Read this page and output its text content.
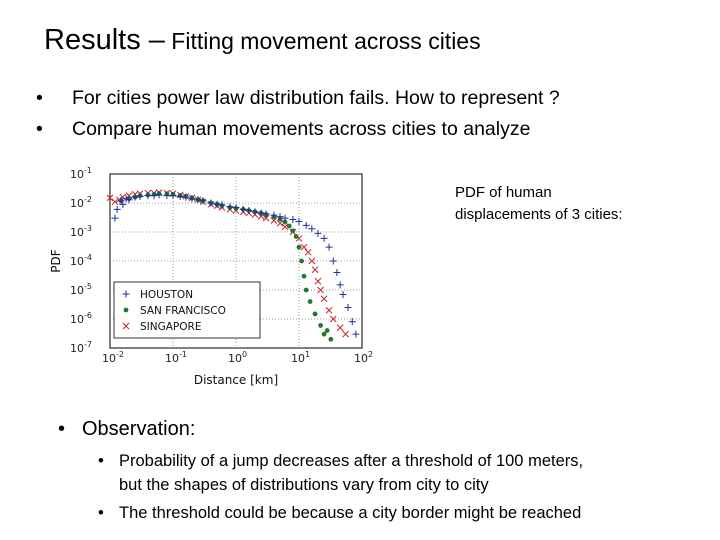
Results – Fitting movement across cities
• For cities power law distribution fails. How to represent ?
• Compare human movements across cities to analyze
$10^{-2}$	$10^{-1}$	$10^0$	$10^1$	$10^2$
$10^{-1}$
$10^{-2}$
$10^{-3}$
$10^{-4}$
$10^{-5}$
$10^{-6}$
$10^{-7}$
Distance [km]
PDF
HOUSTON
SAN FRANCISCO
SINGAPORE
PDF of human
displacements of 3 cities:
• Observation:
• Probability of a jump decreases after a threshold of 100 meters,
but the shapes of distributions vary from city to city
• The threshold could be because a city border might be reached
